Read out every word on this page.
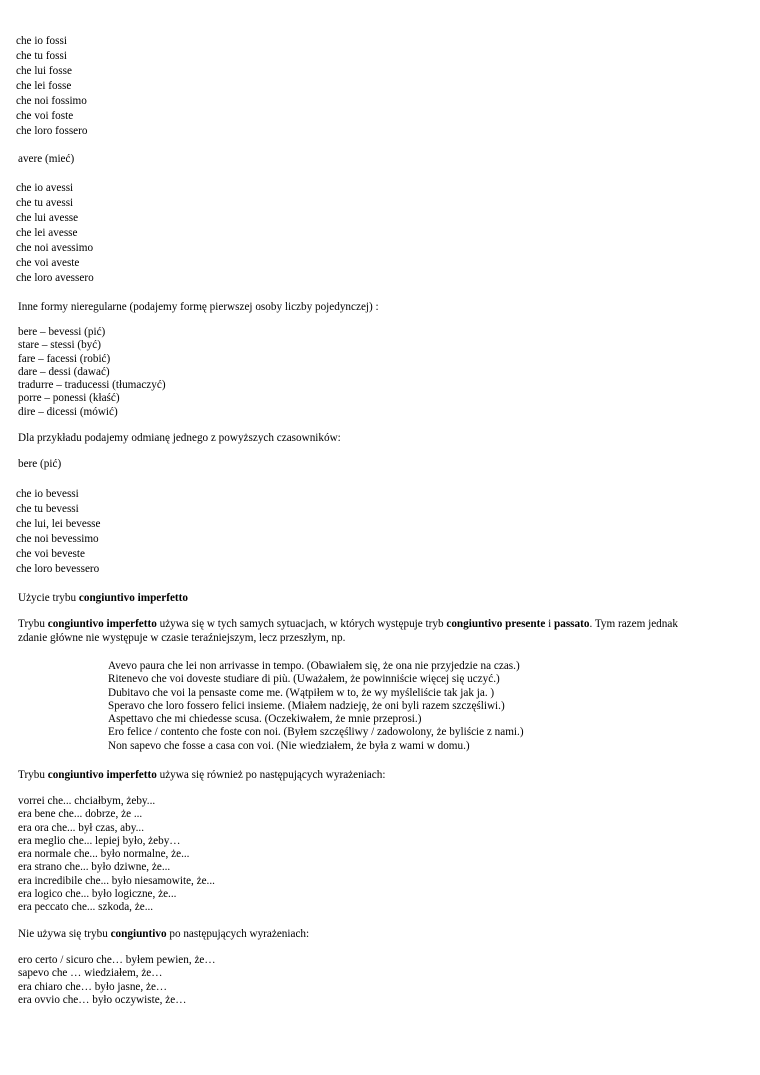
che io fossi
che tu fossi
che lui fosse
che lei fosse
che noi fossimo
che voi foste
che loro fossero
avere (mieć)
che io avessi
che tu avessi
che lui avesse
che lei avesse
che noi avessimo
che voi aveste
che loro avessero
Inne formy nieregularne (podajemy formę pierwszej osoby liczby pojedynczej) :
bere – bevessi (pić)
stare – stessi (być)
fare – facessi (robić)
dare – dessi (dawać)
tradurre – traducessi (tłumaczyć)
porre – ponessi (kłaść)
dire – dicessi (mówić)
Dla przykładu podajemy odmianę jednego z powyższych czasowników:
bere (pić)
che io bevessi
che tu bevessi
che lui, lei bevesse
che noi bevessimo
che voi beveste
che loro bevessero
Użycie trybu congiuntivo imperfetto
Trybu congiuntivo imperfetto używa się w tych samych sytuacjach, w których występuje tryb congiuntivo presente i passato. Tym razem jednak zdanie główne nie występuje w czasie teraźniejszym, lecz przeszłym, np.
Avevo paura che lei non arrivasse in tempo. (Obawiałem się, że ona nie przyjedzie na czas.)
Ritenevo che voi doveste studiare di più. (Uważałem, że powinniście więcej się uczyć.)
Dubitavo che voi la pensaste come me. (Wątpiłem w to, że wy myśleliście tak jak ja. )
Speravo che loro fossero felici insieme. (Miałem nadzieję, że oni byli razem szczęśliwi.)
Aspettavo che mi chiedesse scusa. (Oczekiwałem, że mnie przeprosi.)
Ero felice / contento che foste con noi. (Byłem szczęśliwy / zadowolony, że byliście z nami.)
Non sapevo che fosse a casa con voi. (Nie wiedziałem, że była z wami w domu.)
Trybu congiuntivo imperfetto używa się również po następujących wyrażeniach:
vorrei che... chciałbym, żeby...
era bene che... dobrze, że ...
era ora che... był czas, aby...
era meglio che... lepiej było, żeby…
era normale che... było normalne, że...
era strano che... było dziwne, że...
era incredibile che... było niesamowite, że...
era logico che... było logiczne, że...
era peccato che... szkoda, że...
Nie używa się trybu congiuntivo po następujących wyrażeniach:
ero certo / sicuro che… byłem pewien, że…
sapevo che … wiedziałem, że…
era chiaro che… było jasne, że…
era ovvio che… było oczywiste, że…
